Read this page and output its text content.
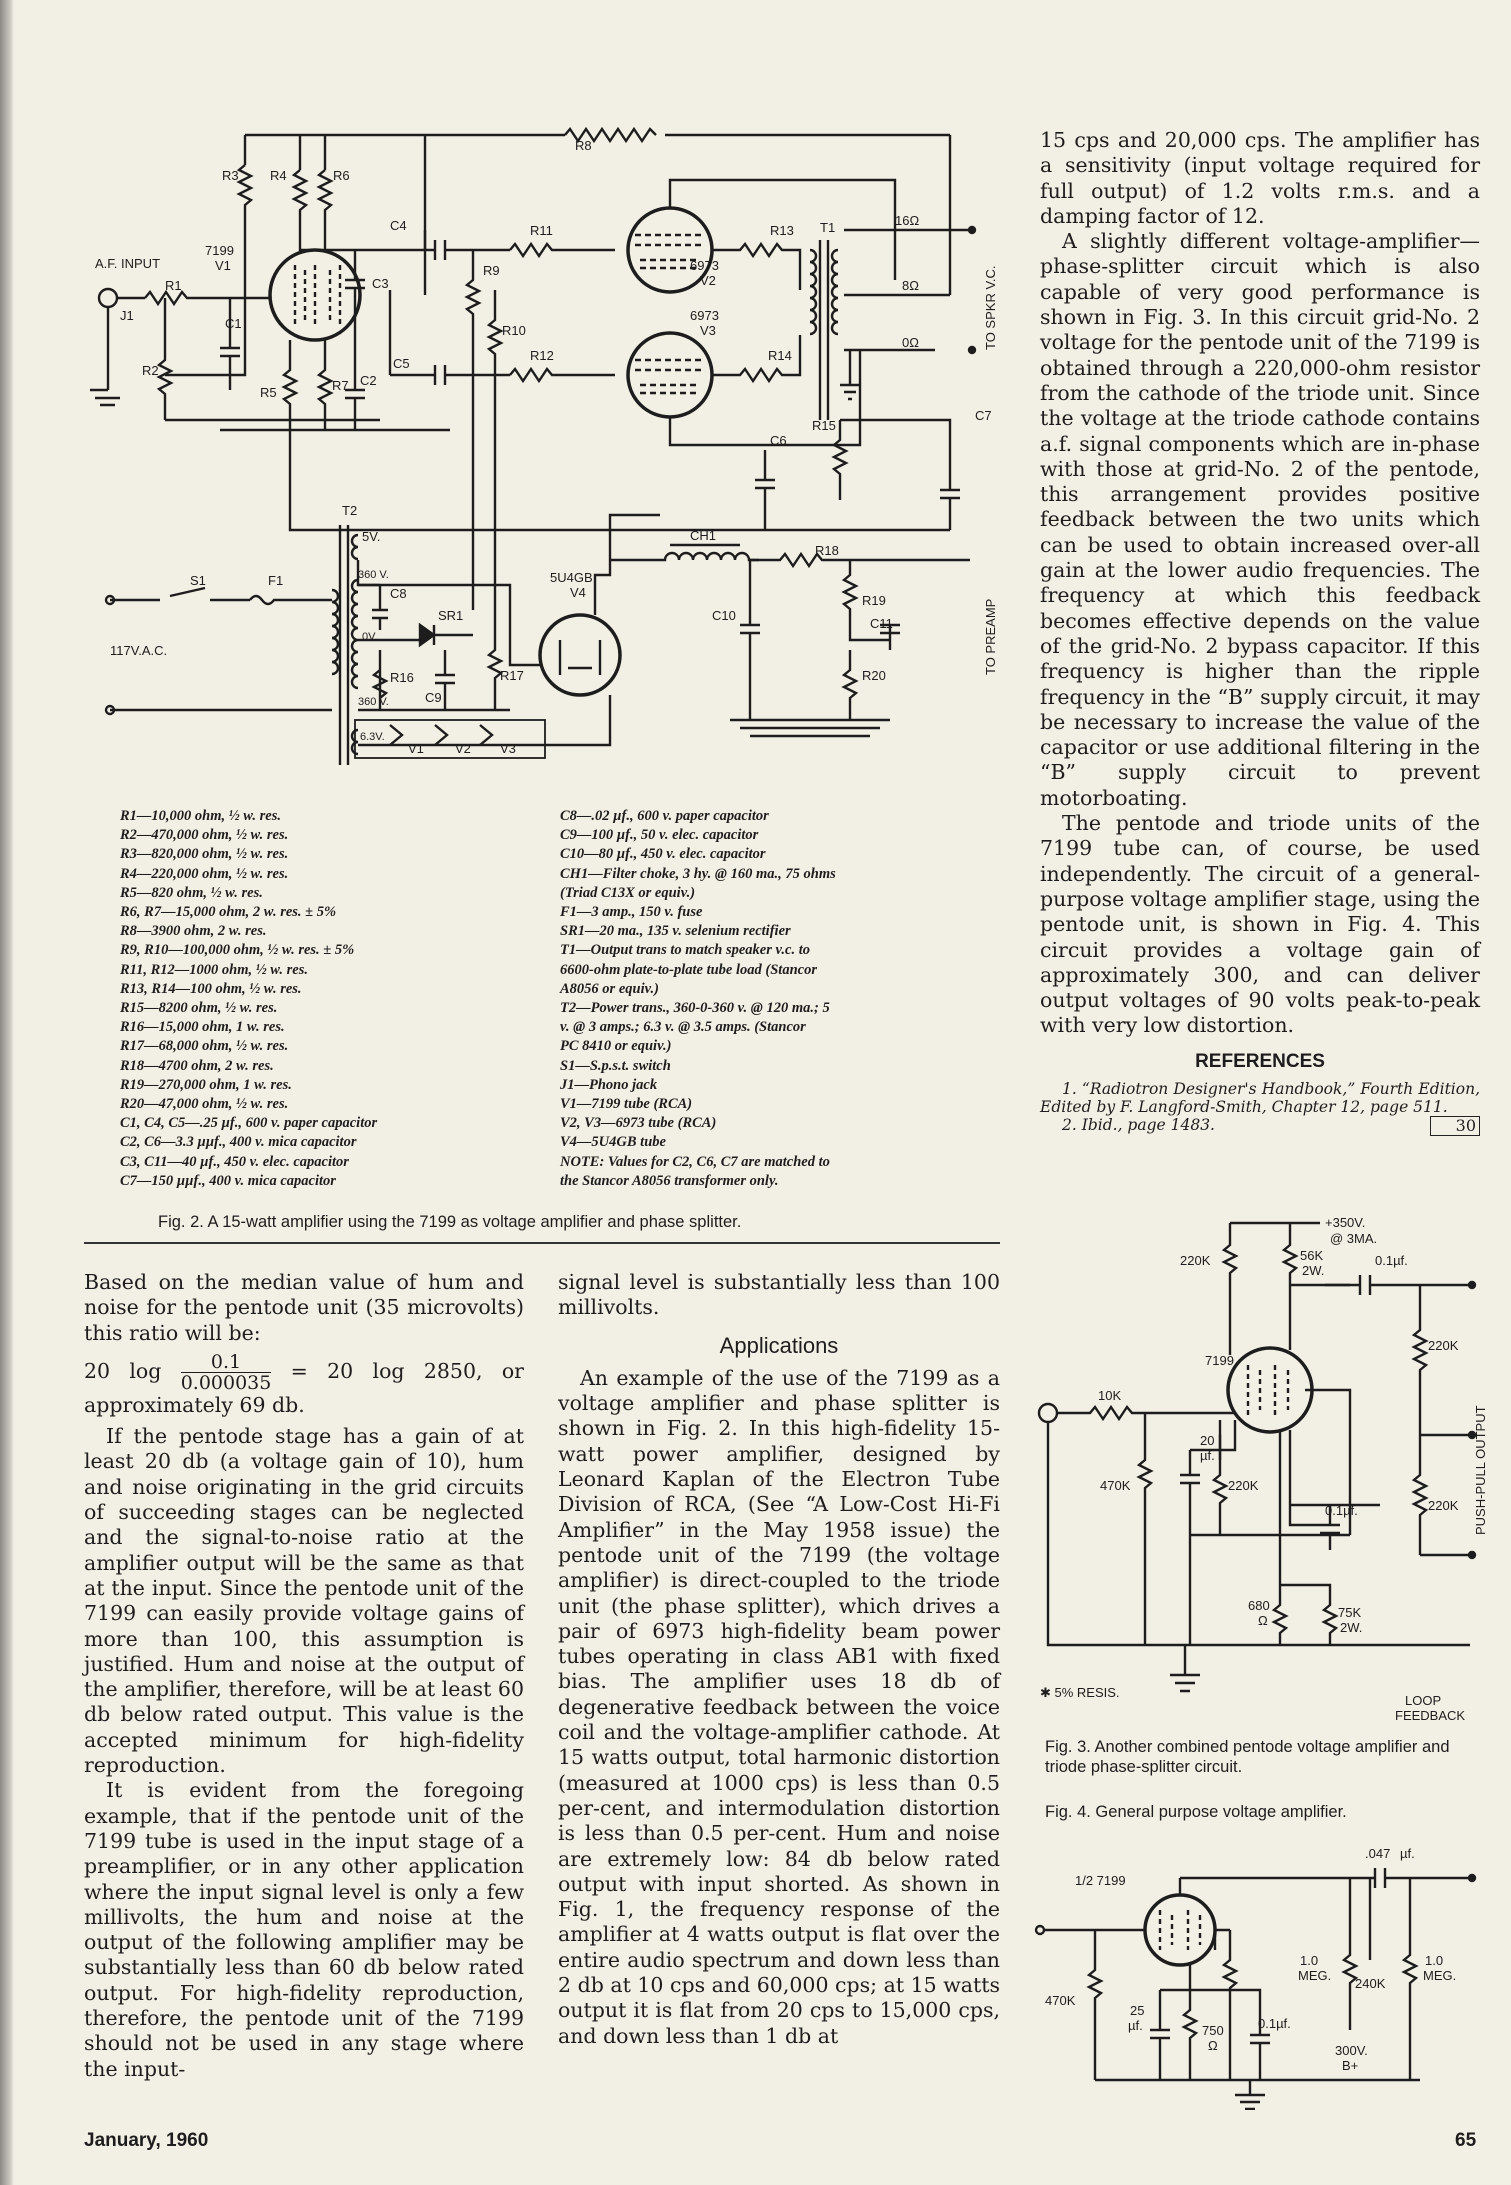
R8
R3 R4	R6
C4	R11	R13 T1	16Ω
8Ω
0Ω	TO SPKR V.C.
7199
V1
A.F. INPUT
R1
J1
C1
C3
R9
R10
C5
R12	R14
6973
V2
6973
V3
R2
R5	R7 C2
C6
R15
C7
T2
5V.	CH1
S1	F1
117V.A.C.
360 V.
C8
SR1
0V.
R16
C9
R17
360 V.
5U4GB
V4
R18
R19
C10
C11
R20
TO PREAMP
6.3V.
V1 V2 V3
R1—10,000 ohm, ½ w. res.
R2—470,000 ohm, ½ w. res.
R3—820,000 ohm, ½ w. res.
R4—220,000 ohm, ½ w. res.
R5—820 ohm, ½ w. res.
R6, R7—15,000 ohm, 2 w. res. ± 5%
R8—3900 ohm, 2 w. res.
R9, R10—100,000 ohm, ½ w. res. ± 5%
R11, R12—1000 ohm, ½ w. res.
R13, R14—100 ohm, ½ w. res.
R15—8200 ohm, ½ w. res.
R16—15,000 ohm, 1 w. res.
R17—68,000 ohm, ½ w. res.
R18—4700 ohm, 2 w. res.
R19—270,000 ohm, 1 w. res.
R20—47,000 ohm, ½ w. res.
C1, C4, C5—.25 µf., 600 v. paper capacitor
C2, C6—3.3 µµf., 400 v. mica capacitor
C3, C11—40 µf., 450 v. elec. capacitor
C7—150 µµf., 400 v. mica capacitor
C8—.02 µf., 600 v. paper capacitor
C9—100 µf., 50 v. elec. capacitor
C10—80 µf., 450 v. elec. capacitor
CH1—Filter choke, 3 hy. @ 160 ma., 75 ohms
(Triad C13X or equiv.)
F1—3 amp., 150 v. fuse
SR1—20 ma., 135 v. selenium rectifier
T1—Output trans to match speaker v.c. to
6600-ohm plate-to-plate tube load (Stancor
A8056 or equiv.)
T2—Power trans., 360-0-360 v. @ 120 ma.; 5
v. @ 3 amps.; 6.3 v. @ 3.5 amps. (Stancor
PC 8410 or equiv.)
S1—S.p.s.t. switch
J1—Phono jack
V1—7199 tube (RCA)
V2, V3—6973 tube (RCA)
V4—5U4GB tube
NOTE: Values for C2, C6, C7 are matched to
the Stancor A8056 transformer only.
Fig. 2. A 15-watt amplifier using the 7199 as voltage amplifier and phase splitter.

15 cps and 20,000 cps. The amplifier has a sensitivity (input voltage required for full output) of 1.2 volts r.m.s. and a damping factor of 12.

A slightly different voltage-amplifier—phase-splitter circuit which is also capable of very good performance is shown in Fig. 3. In this circuit grid-No. 2 voltage for the pentode unit of the 7199 is obtained through a 220,000-ohm resistor from the cathode of the triode unit. Since the voltage at the triode cathode contains a.f. signal components which are in-phase with those at grid-No. 2 of the pentode, this arrangement provides positive feedback between the two units which can be used to obtain increased over-all gain at the lower audio frequencies. The frequency at which this feedback becomes effective depends on the value of the grid-No. 2 bypass capacitor. If this frequency is higher than the ripple frequency in the “B” supply circuit, it may be necessary to increase the value of the capacitor or use additional filtering in the “B” supply circuit to prevent motorboating.

The pentode and triode units of the 7199 tube can, of course, be used independently. The circuit of a general-purpose voltage amplifier stage, using the pentode unit, is shown in Fig. 4. This circuit provides a voltage gain of approximately 300, and can deliver output voltages of 90 volts peak-to-peak with very low distortion.

REFERENCES
1. “Radiotron Designer's Handbook,” Fourth Edition, Edited by F. Langford-Smith, Chapter 12, page 511.
2. Ibid., page 1483.	30

Based on the median value of hum and noise for the pentode unit (35 microvolts) this ratio will be:

20 $\log \frac{0.1}{0.000035} = 20$ log 2850, or approximately 69 db.

If the pentode stage has a gain of at least 20 db (a voltage gain of 10), hum and noise originating in the grid circuits of succeeding stages can be neglected and the signal-to-noise ratio at the amplifier output will be the same as that at the input. Since the pentode unit of the 7199 can easily provide voltage gains of more than 100, this assumption is justified. Hum and noise at the output of the amplifier, therefore, will be at least 60 db below rated output. This value is the accepted minimum for high-fidelity reproduction.

It is evident from the foregoing example, that if the pentode unit of the 7199 tube is used in the input stage of a preamplifier, or in any other application where the input signal level is only a few millivolts, the hum and noise at the output of the following amplifier may be substantially less than 60 db below rated output. For high-fidelity reproduction, therefore, the pentode unit of the 7199 should not be used in any stage where the input-

signal level is substantially less than 100 millivolts.

Applications

An example of the use of the 7199 as a voltage amplifier and phase splitter is shown in Fig. 2. In this high-fidelity 15-watt power amplifier, designed by Leonard Kaplan of the Electron Tube Division of RCA, (See “A Low-Cost Hi-Fi Amplifier” in the May 1958 issue) the pentode unit of the 7199 (the voltage amplifier) is direct-coupled to the triode unit (the phase splitter), which drives a pair of 6973 high-fidelity beam power tubes operating in class AB1 with fixed bias. The amplifier uses 18 db of degenerative feedback between the voice coil and the voltage-amplifier cathode. At 15 watts output, total harmonic distortion (measured at 1000 cps) is less than 0.5 per-cent, and intermodulation distortion is less than 0.5 per-cent. Hum and noise are extremely low: 84 db below rated output with input shorted. As shown in Fig. 1, the frequency response of the amplifier at 4 watts output is flat over the entire audio spectrum and down less than 2 db at 10 cps and 60,000 cps; at 15 watts output it is flat from 20 cps to 15,000 cps, and down less than 1 db at

+350V.
@ 3MA.
220K	56K
2W.
0.1µf.
7199
10K
220K
PUSH-PULL OUTPUT
20
µf.
470K	220K
0.1µf.	220K
680
Ω
75K
2W.
✱ 5% RESIS.
LOOP
FEEDBACK
Fig. 3. Another combined pentode voltage amplifier and triode phase-splitter circuit.
Fig. 4. General purpose voltage amplifier.
.047 µf.
1/2 7199
470K
1.0
MEG.
240K
1.0
MEG.
25
µf.	750
Ω
0.1µf.
300V.
B+
January, 1960	65
